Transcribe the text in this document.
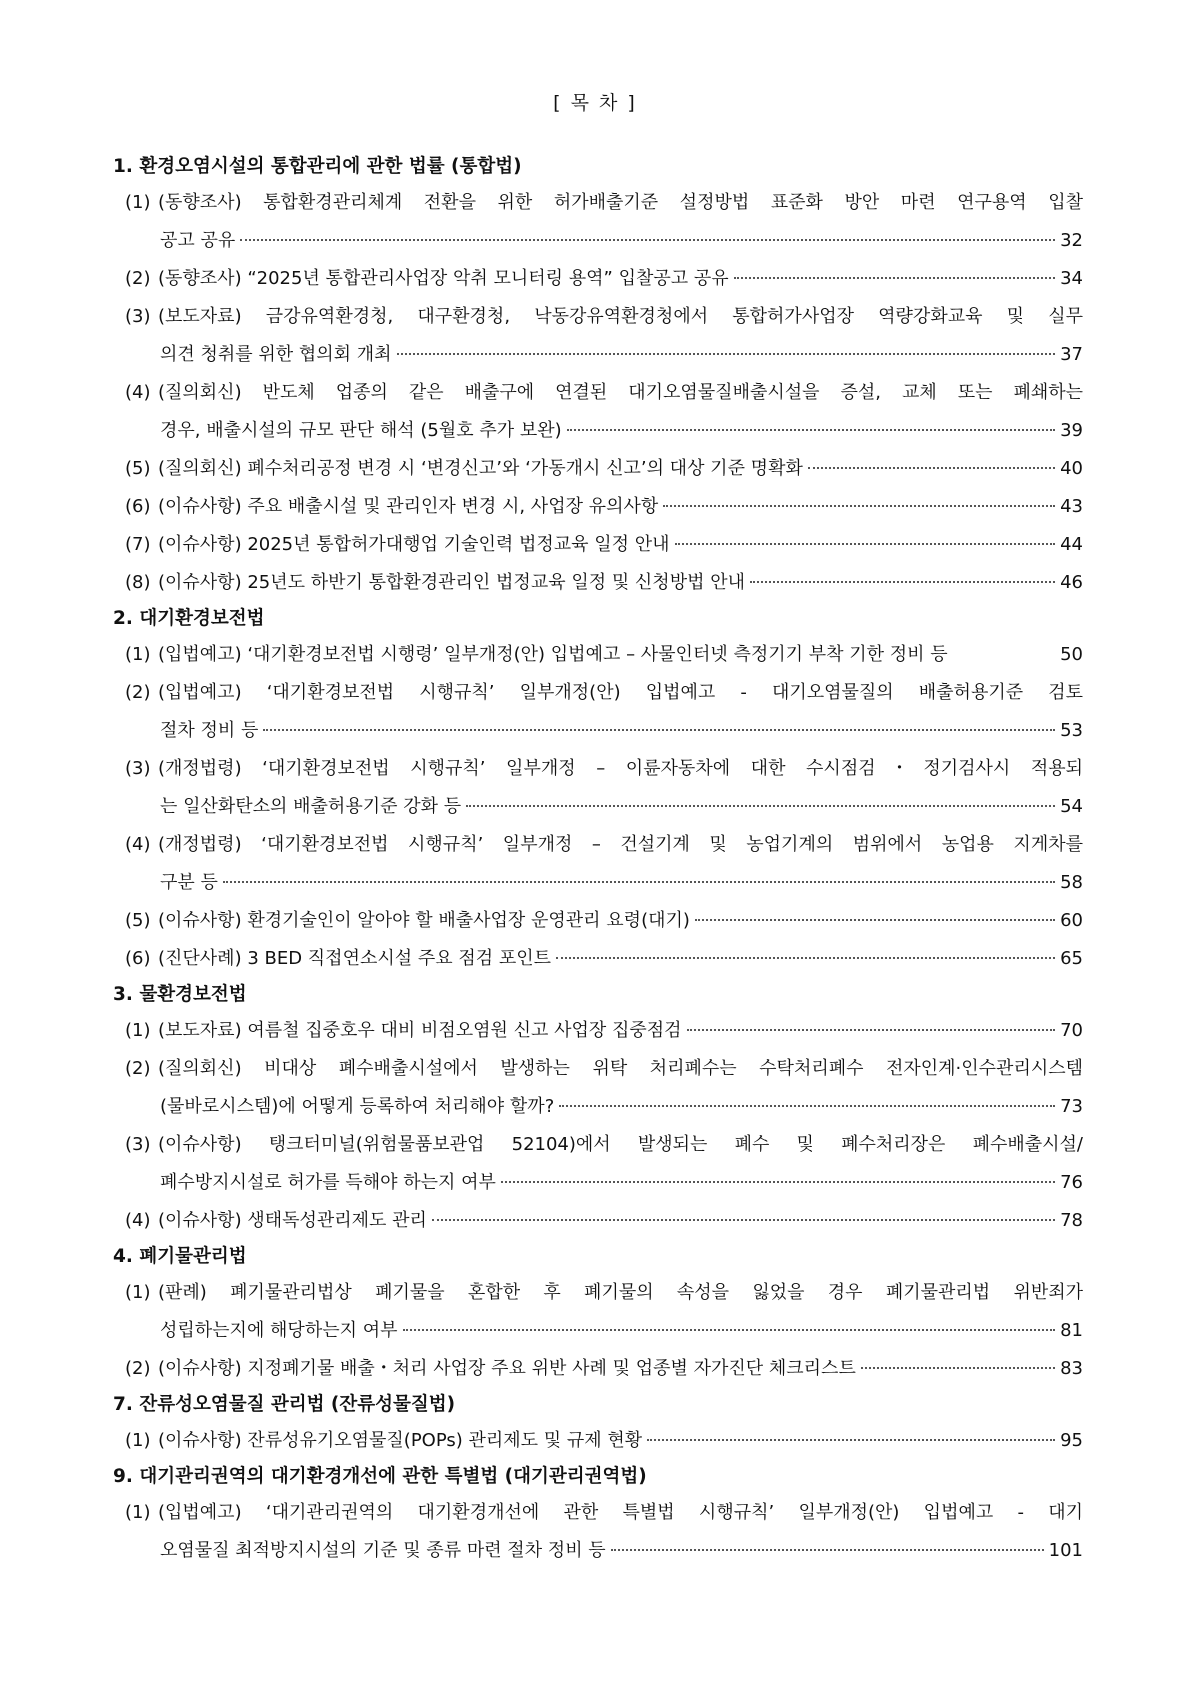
[ 목 차 ]
1. 환경오염시설의 통합관리에 관한 법률 (통합법)
(1) (동향조사) 통합환경관리체계 전환을 위한 허가배출기준 설정방법 표준화 방안 마련 연구용역 입찰
공고 공유	32
(2) (동향조사) “2025년 통합관리사업장 악취 모니터링 용역” 입찰공고 공유	34
(3) (보도자료) 금강유역환경청, 대구환경청, 낙동강유역환경청에서 통합허가사업장 역량강화교육 및 실무
의견 청취를 위한 협의회 개최	37
(4) (질의회신) 반도체 업종의 같은 배출구에 연결된 대기오염물질배출시설을 증설, 교체 또는 폐쇄하는
경우, 배출시설의 규모 판단 해석 (5월호 추가 보완)	39
(5) (질의회신) 폐수처리공정 변경 시 ‘변경신고’와 ‘가동개시 신고’의 대상 기준 명확화	40
(6) (이슈사항) 주요 배출시설 및 관리인자 변경 시, 사업장 유의사항	43
(7) (이슈사항) 2025년 통합허가대행업 기술인력 법정교육 일정 안내	44
(8) (이슈사항) 25년도 하반기 통합환경관리인 법정교육 일정 및 신청방법 안내	46
2. 대기환경보전법
(1) (입법예고) ‘대기환경보전법 시행령’ 일부개정(안) 입법예고 – 사물인터넷 측정기기 부착 기한 정비 등	50
(2) (입법예고) ‘대기환경보전법 시행규칙’ 일부개정(안) 입법예고 - 대기오염물질의 배출허용기준 검토
절차 정비 등	53
(3) (개정법령) ‘대기환경보전법 시행규칙’ 일부개정 – 이륜자동차에 대한 수시점검・정기검사시 적용되
는 일산화탄소의 배출허용기준 강화 등	54
(4) (개정법령) ‘대기환경보전법 시행규칙’ 일부개정 – 건설기계 및 농업기계의 범위에서 농업용 지게차를
구분 등	58
(5) (이슈사항) 환경기술인이 알아야 할 배출사업장 운영관리 요령(대기)	60
(6) (진단사례) 3 BED 직접연소시설 주요 점검 포인트	65
3. 물환경보전법
(1) (보도자료) 여름철 집중호우 대비 비점오염원 신고 사업장 집중점검	70
(2) (질의회신) 비대상 폐수배출시설에서 발생하는 위탁 처리폐수는 수탁처리폐수 전자인계·인수관리시스템
(물바로시스템)에 어떻게 등록하여 처리해야 할까?	73
(3) (이슈사항) 탱크터미널(위험물품보관업 52104)에서 발생되는 폐수 및 폐수처리장은 폐수배출시설/
폐수방지시설로 허가를 득해야 하는지 여부	76
(4) (이슈사항) 생태독성관리제도 관리	78
4. 폐기물관리법
(1) (판례) 폐기물관리법상 폐기물을 혼합한 후 폐기물의 속성을 잃었을 경우 폐기물관리법 위반죄가
성립하는지에 해당하는지 여부	81
(2) (이슈사항) 지정폐기물 배출・처리 사업장 주요 위반 사례 및 업종별 자가진단 체크리스트	83
7. 잔류성오염물질 관리법 (잔류성물질법)
(1) (이슈사항) 잔류성유기오염물질(POPs) 관리제도 및 규제 현황	95
9. 대기관리권역의 대기환경개선에 관한 특별법 (대기관리권역법)
(1) (입법예고) ‘대기관리권역의 대기환경개선에 관한 특별법 시행규칙’ 일부개정(안) 입법예고 - 대기
오염물질 최적방지시설의 기준 및 종류 마련 절차 정비 등	101
